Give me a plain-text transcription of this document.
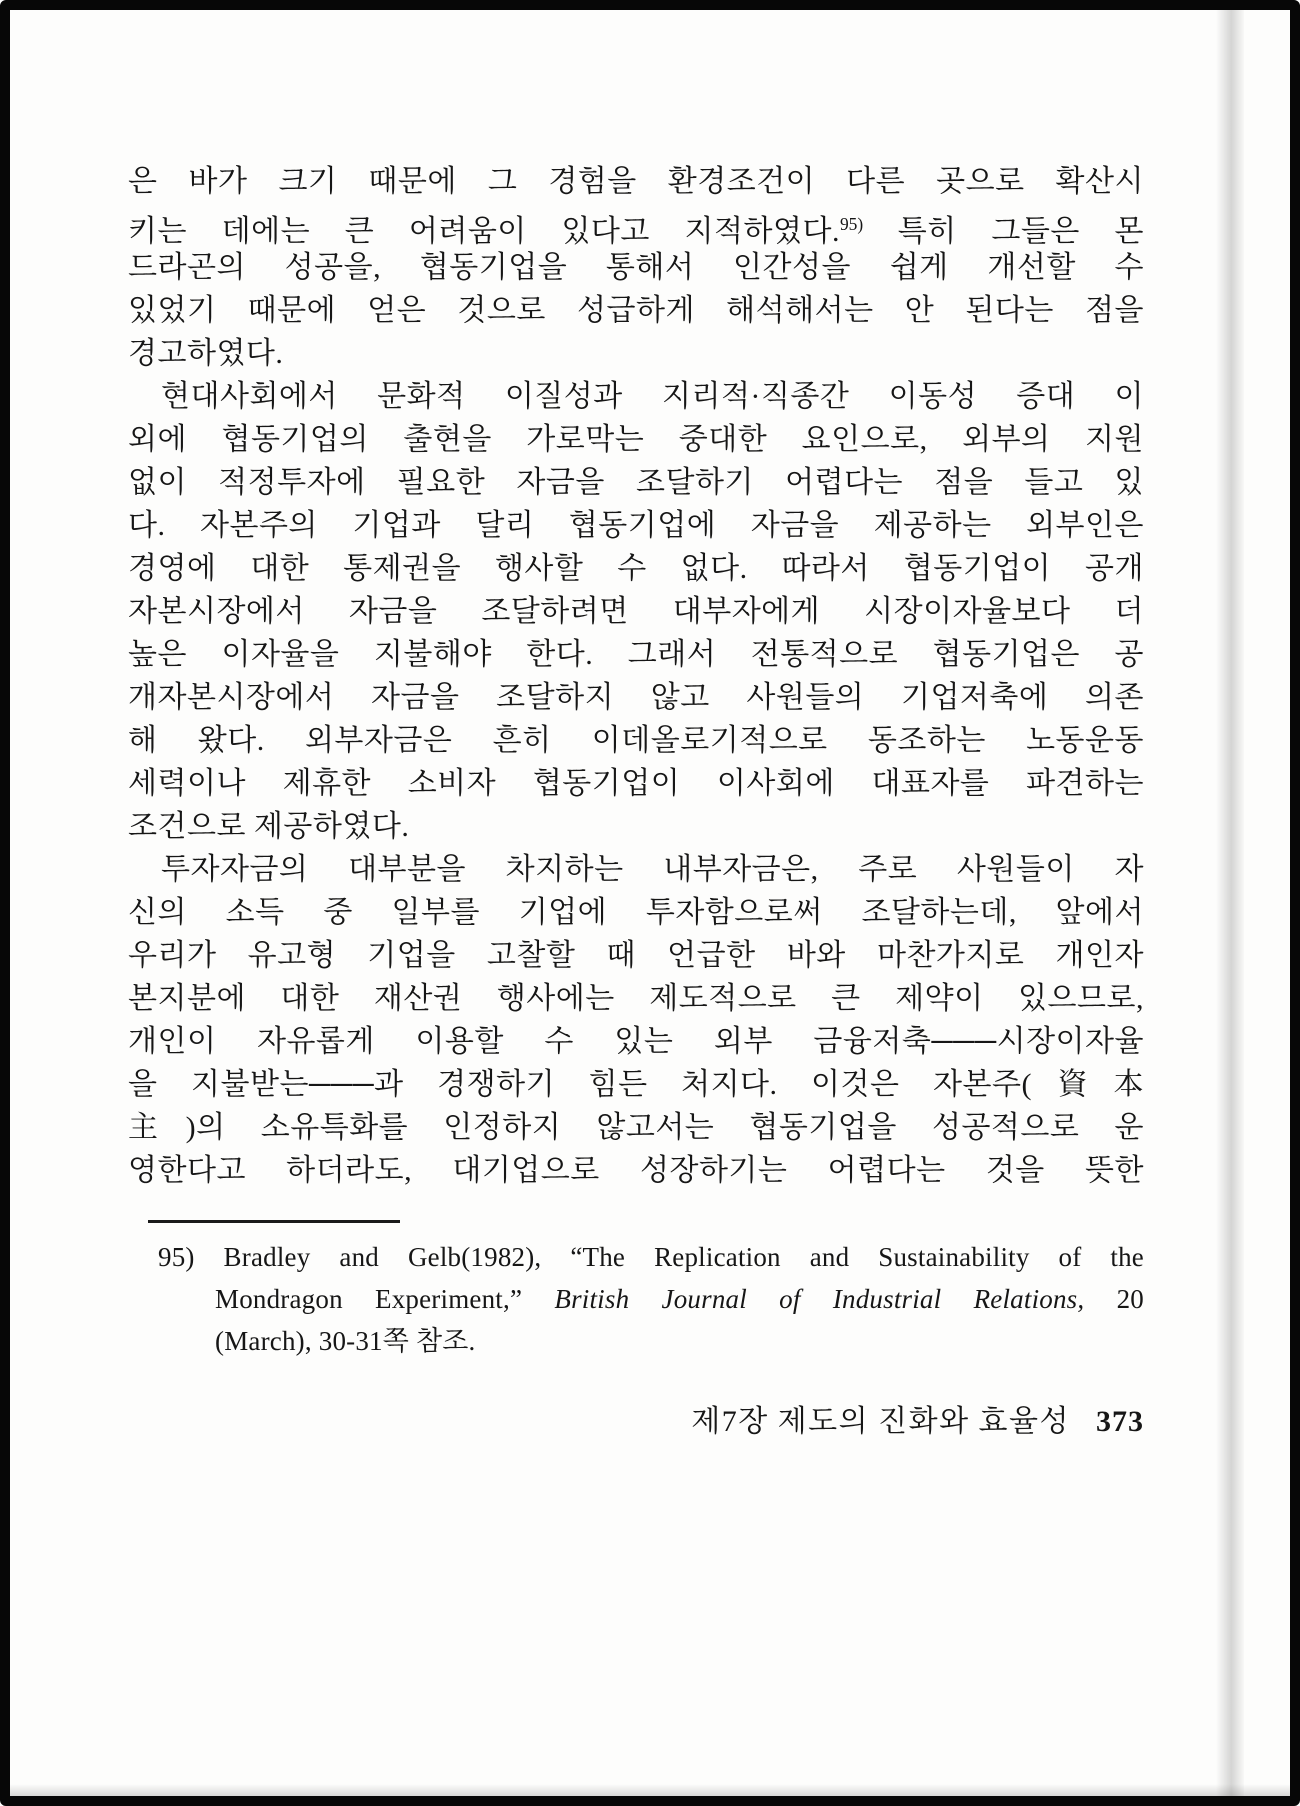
은 바가 크기 때문에 그 경험을 환경조건이 다른 곳으로 확산시
키는 데에는 큰 어려움이 있다고 지적하였다.$^{95)}$ 특히 그들은 몬
드라곤의 성공을, 협동기업을 통해서 인간성을 쉽게 개선할 수
있었기 때문에 얻은 것으로 성급하게 해석해서는 안 된다는 점을
경고하였다.
현대사회에서 문화적 이질성과 지리적·직종간 이동성 증대 이
외에 협동기업의 출현을 가로막는 중대한 요인으로, 외부의 지원
없이 적정투자에 필요한 자금을 조달하기 어렵다는 점을 들고 있
다. 자본주의 기업과 달리 협동기업에 자금을 제공하는 외부인은
경영에 대한 통제권을 행사할 수 없다. 따라서 협동기업이 공개
자본시장에서 자금을 조달하려면 대부자에게 시장이자율보다 더
높은 이자율을 지불해야 한다. 그래서 전통적으로 협동기업은 공
개자본시장에서 자금을 조달하지 않고 사원들의 기업저축에 의존
해 왔다. 외부자금은 흔히 이데올로기적으로 동조하는 노동운동
세력이나 제휴한 소비자 협동기업이 이사회에 대표자를 파견하는
조건으로 제공하였다.
투자자금의 대부분을 차지하는 내부자금은, 주로 사원들이 자
신의 소득 중 일부를 기업에 투자함으로써 조달하는데, 앞에서
우리가 유고형 기업을 고찰할 때 언급한 바와 마찬가지로 개인자
본지분에 대한 재산권 행사에는 제도적으로 큰 제약이 있으므로,
개인이 자유롭게 이용할 수 있는 외부 금융저축───시장이자율
을 지불받는───과 경쟁하기 힘든 처지다. 이것은 자본주(資本
主)의 소유특화를 인정하지 않고서는 협동기업을 성공적으로 운
영한다고 하더라도, 대기업으로 성장하기는 어렵다는 것을 뜻한
95) Bradley and Gelb(1982), “The Replication and Sustainability of the
Mondragon Experiment,” British Journal of Industrial Relations, 20
(March), 30-31쪽 참조.
제7장 제도의 진화와 효율성 373
